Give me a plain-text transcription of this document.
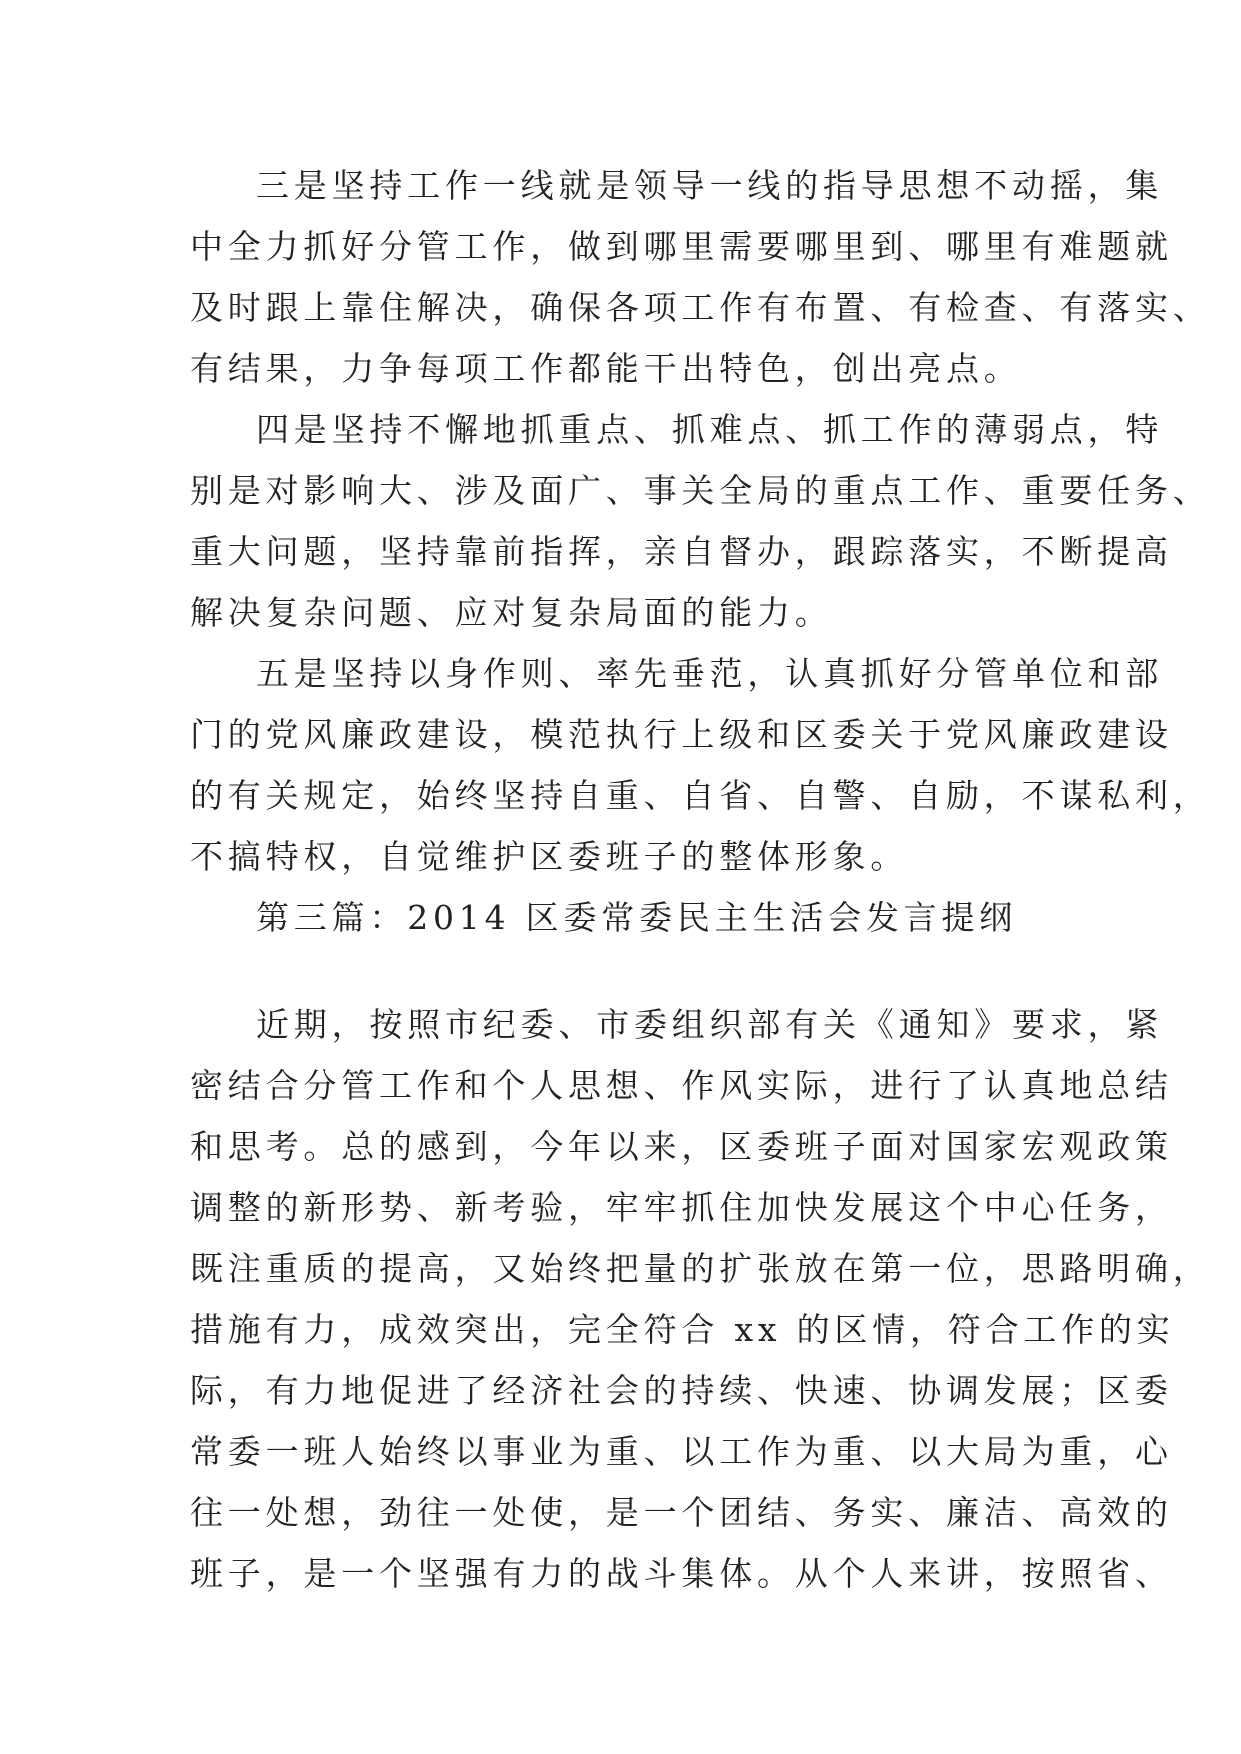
三是坚持工作一线就是领导一线的指导思想不动摇，集
中全力抓好分管工作，做到哪里需要哪里到、哪里有难题就
及时跟上靠住解决，确保各项工作有布置、有检查、有落实、
有结果，力争每项工作都能干出特色，创出亮点。
四是坚持不懈地抓重点、抓难点、抓工作的薄弱点，特
别是对影响大、涉及面广、事关全局的重点工作、重要任务、
重大问题，坚持靠前指挥，亲自督办，跟踪落实，不断提高
解决复杂问题、应对复杂局面的能力。
五是坚持以身作则、率先垂范，认真抓好分管单位和部
门的党风廉政建设，模范执行上级和区委关于党风廉政建设
的有关规定，始终坚持自重、自省、自警、自励，不谋私利，
不搞特权，自觉维护区委班子的整体形象。
第三篇：2014 区委常委民主生活会发言提纲
近期，按照市纪委、市委组织部有关《通知》要求，紧
密结合分管工作和个人思想、作风实际，进行了认真地总结
和思考。总的感到，今年以来，区委班子面对国家宏观政策
调整的新形势、新考验，牢牢抓住加快发展这个中心任务，
既注重质的提高，又始终把量的扩张放在第一位，思路明确，
措施有力，成效突出，完全符合 xx 的区情，符合工作的实
际，有力地促进了经济社会的持续、快速、协调发展；区委
常委一班人始终以事业为重、以工作为重、以大局为重，心
往一处想，劲往一处使，是一个团结、务实、廉洁、高效的
班子，是一个坚强有力的战斗集体。从个人来讲，按照省、
